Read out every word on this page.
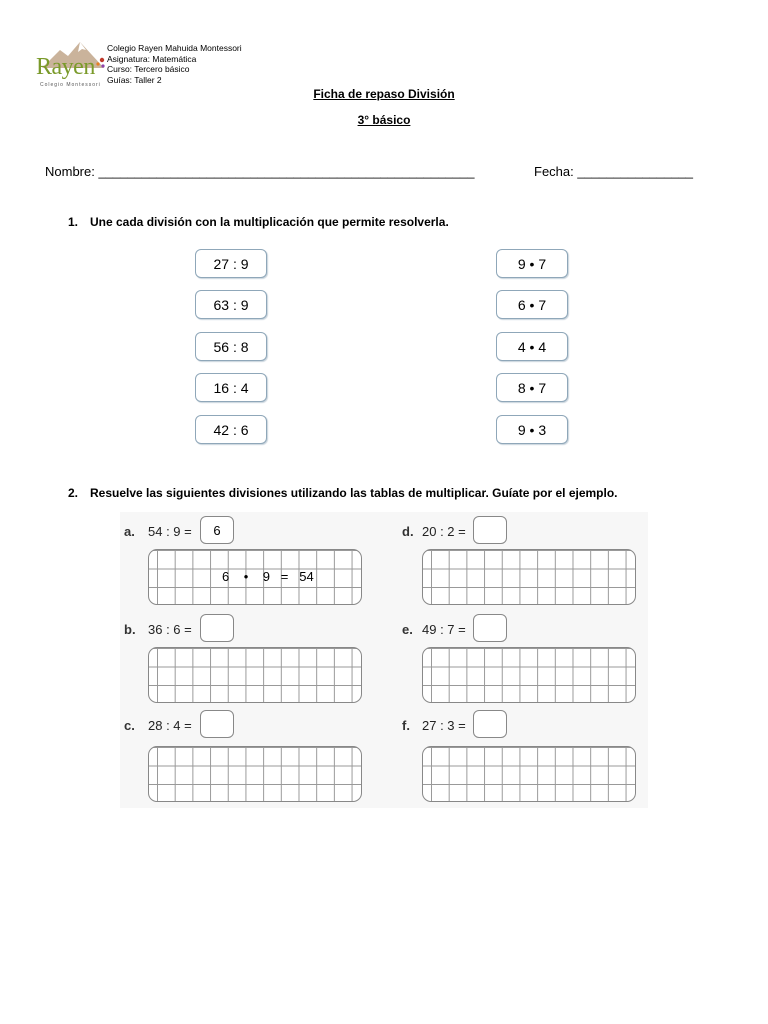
Rayen
Colegio Montessori
Colegio Rayen Mahuida Montessori
Asignatura: Matemática
Curso: Tercero básico
Guías: Taller 2
Ficha de repaso División
3° básico
Nombre: ____________________________________________________	Fecha: ________________
1. Une cada división con la multiplicación que permite resolverla.
27 : 9
63 : 9
56 : 8
16 : 4
42 : 6
9 • 7
6 • 7
4 • 4
8 • 7
9 • 3
2. Resuelve las siguientes divisiones utilizando las tablas de multiplicar. Guíate por el ejemplo.
a. 54 : 9 =	6
6 • 9 = 54
b. 36 : 6 =
c. 28 : 4 =
d. 20 : 2 =
e. 49 : 7 =
f. 27 : 3 =
